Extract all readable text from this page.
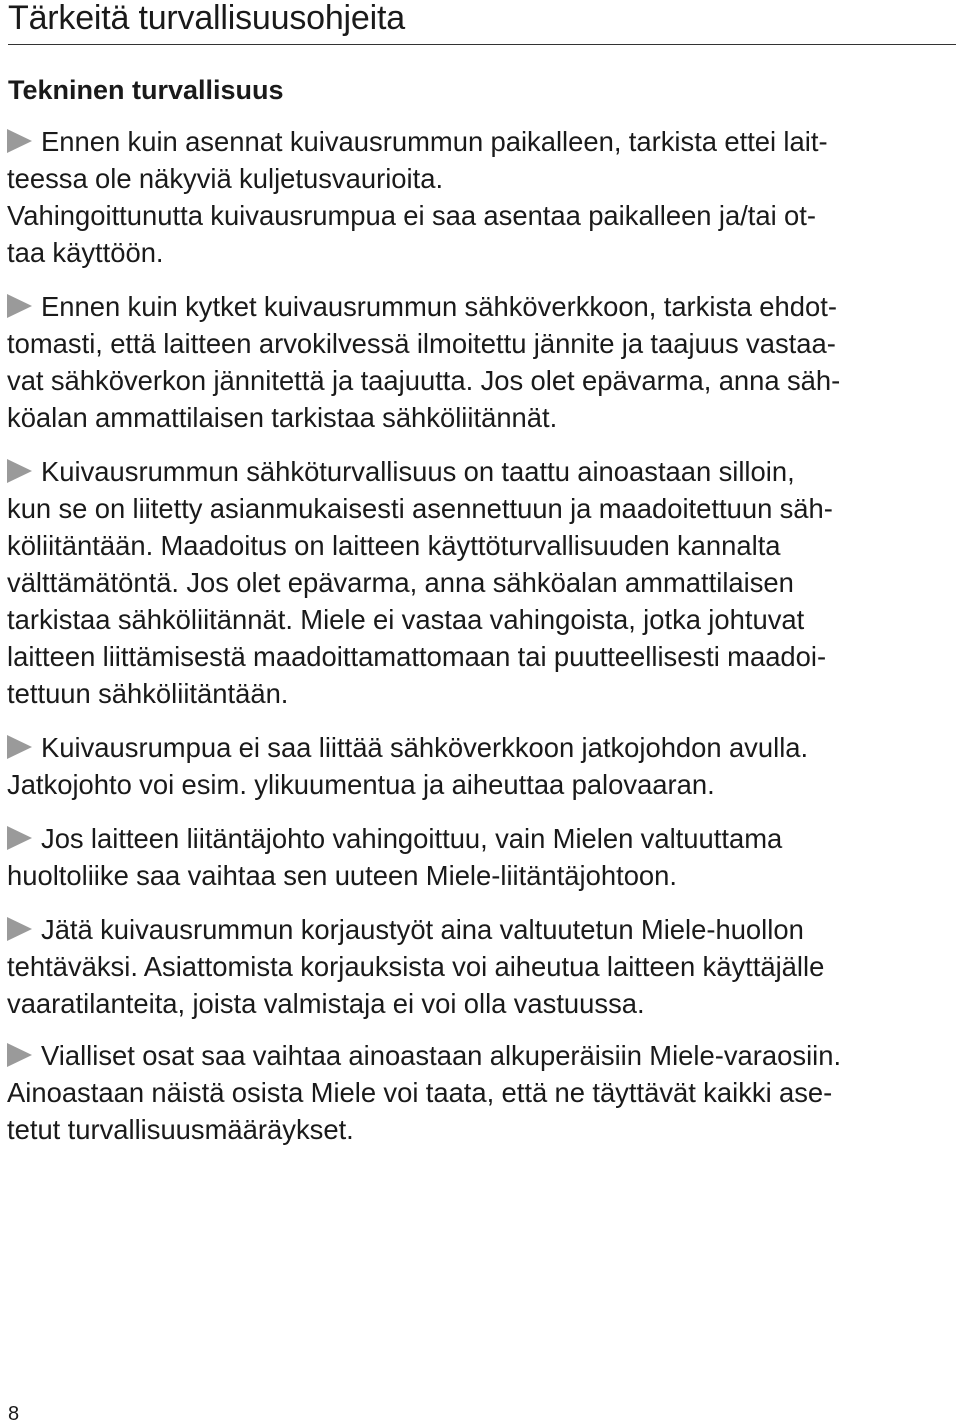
Tärkeitä turvallisuusohjeita
Tekninen turvallisuus

Ennen kuin asennat kuivausrummun paikalleen, tarkista ettei lait-
teessa ole näkyviä kuljetusvaurioita.
Vahingoittunutta kuivausrumpua ei saa asentaa paikalleen ja/tai ot-
taa käyttöön.

Ennen kuin kytket kuivausrummun sähköverkkoon, tarkista ehdot-
tomasti, että laitteen arvokilvessä ilmoitettu jännite ja taajuus vastaa-
vat sähköverkon jännitettä ja taajuutta. Jos olet epävarma, anna säh-
köalan ammattilaisen tarkistaa sähköliitännät.

Kuivausrummun sähköturvallisuus on taattu ainoastaan silloin,
kun se on liitetty asianmukaisesti asennettuun ja maadoitettuun säh-
köliitäntään. Maadoitus on laitteen käyttöturvallisuuden kannalta
välttämätöntä. Jos olet epävarma, anna sähköalan ammattilaisen
tarkistaa sähköliitännät. Miele ei vastaa vahingoista, jotka johtuvat
laitteen liittämisestä maadoittamattomaan tai puutteellisesti maadoi-
tettuun sähköliitäntään.

Kuivausrumpua ei saa liittää sähköverkkoon jatkojohdon avulla.
Jatkojohto voi esim. ylikuumentua ja aiheuttaa palovaaran.

Jos laitteen liitäntäjohto vahingoittuu, vain Mielen valtuuttama
huoltoliike saa vaihtaa sen uuteen Miele-liitäntäjohtoon.

Jätä kuivausrummun korjaustyöt aina valtuutetun Miele-huollon
tehtäväksi. Asiattomista korjauksista voi aiheutua laitteen käyttäjälle
vaaratilanteita, joista valmistaja ei voi olla vastuussa.

Vialliset osat saa vaihtaa ainoastaan alkuperäisiin Miele-varaosiin.
Ainoastaan näistä osista Miele voi taata, että ne täyttävät kaikki ase-
tetut turvallisuusmääräykset.

8
